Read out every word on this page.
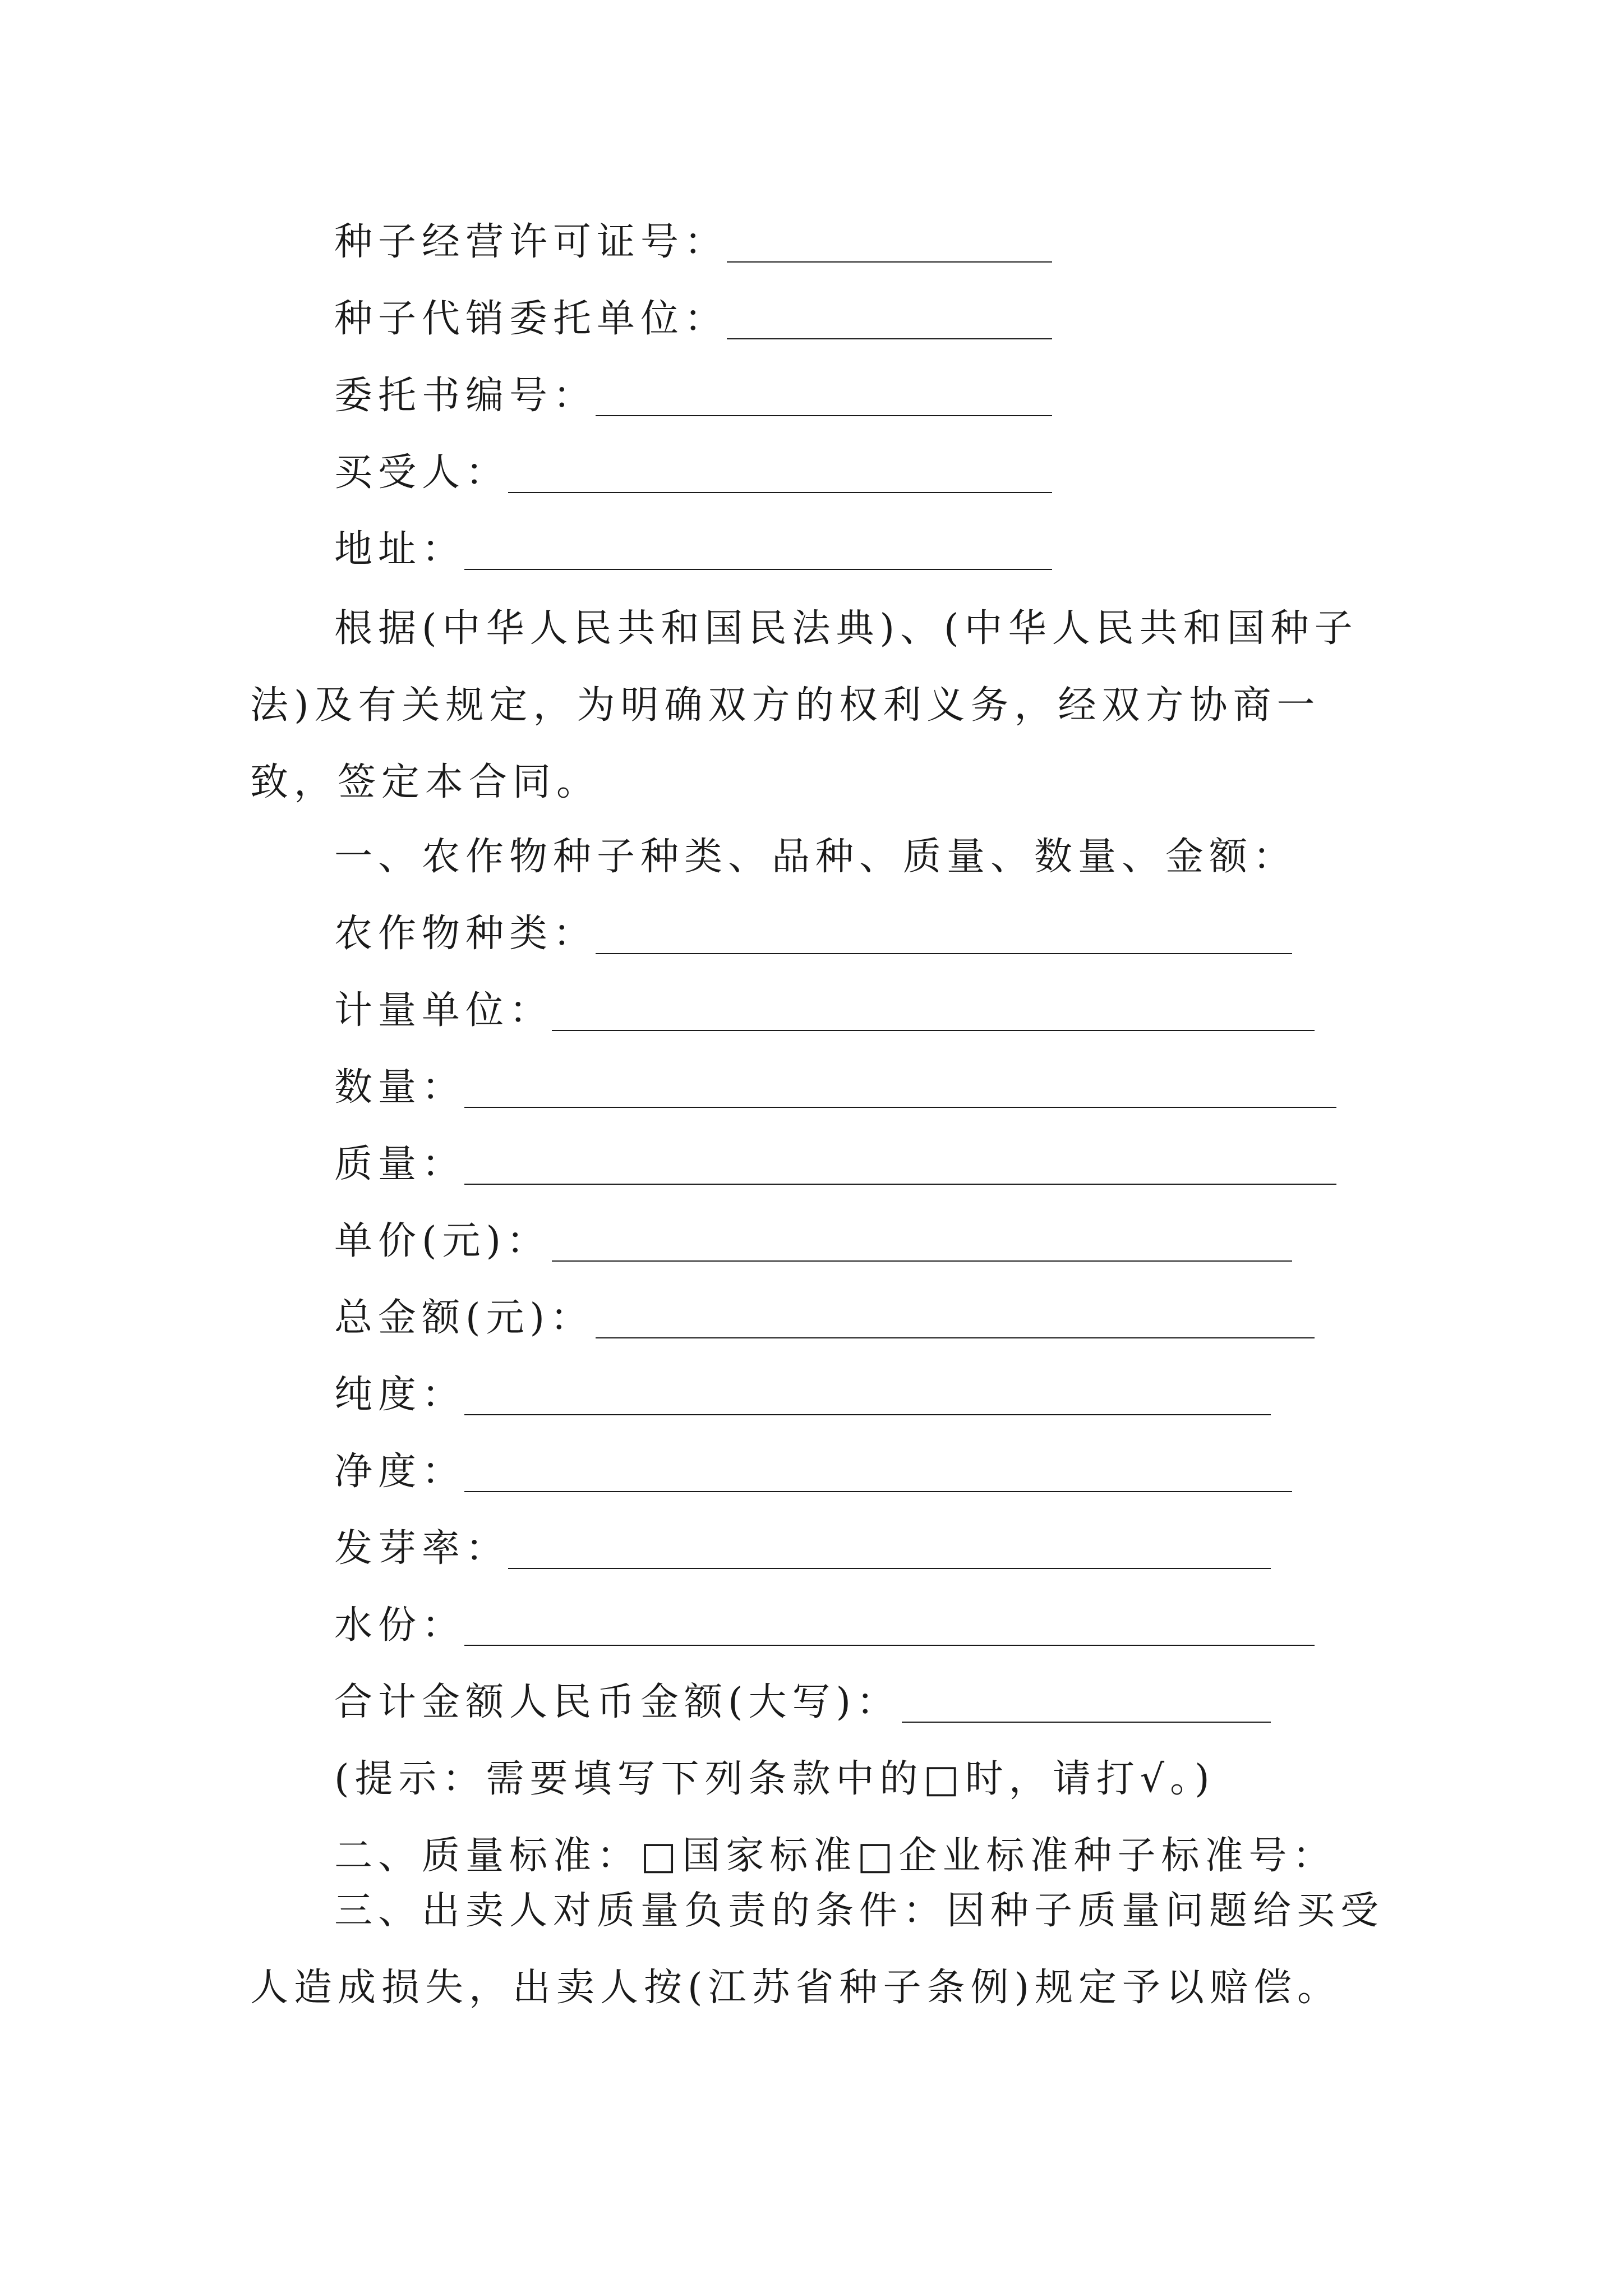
种子经营许可证号：
种子代销委托单位：
委托书编号：
买受人：
地址：
根据(中华人民共和国民法典)、(中华人民共和国种子法)及有关规定，为明确双方的权利义务，经双方协商一致，签定本合同。
一、农作物种子种类、品种、质量、数量、金额：
农作物种类：
计量单位：
数量：
质量：
单价(元)：
总金额(元)：
纯度：
净度：
发芽率：
水份：
合计金额人民币金额(大写)：
(提示：需要填写下列条款中的□时，请打√。)
二、质量标准：□国家标准□企业标准种子标准号：
三、出卖人对质量负责的条件：因种子质量问题给买受人造成损失，出卖人按(江苏省种子条例)规定予以赔偿。
